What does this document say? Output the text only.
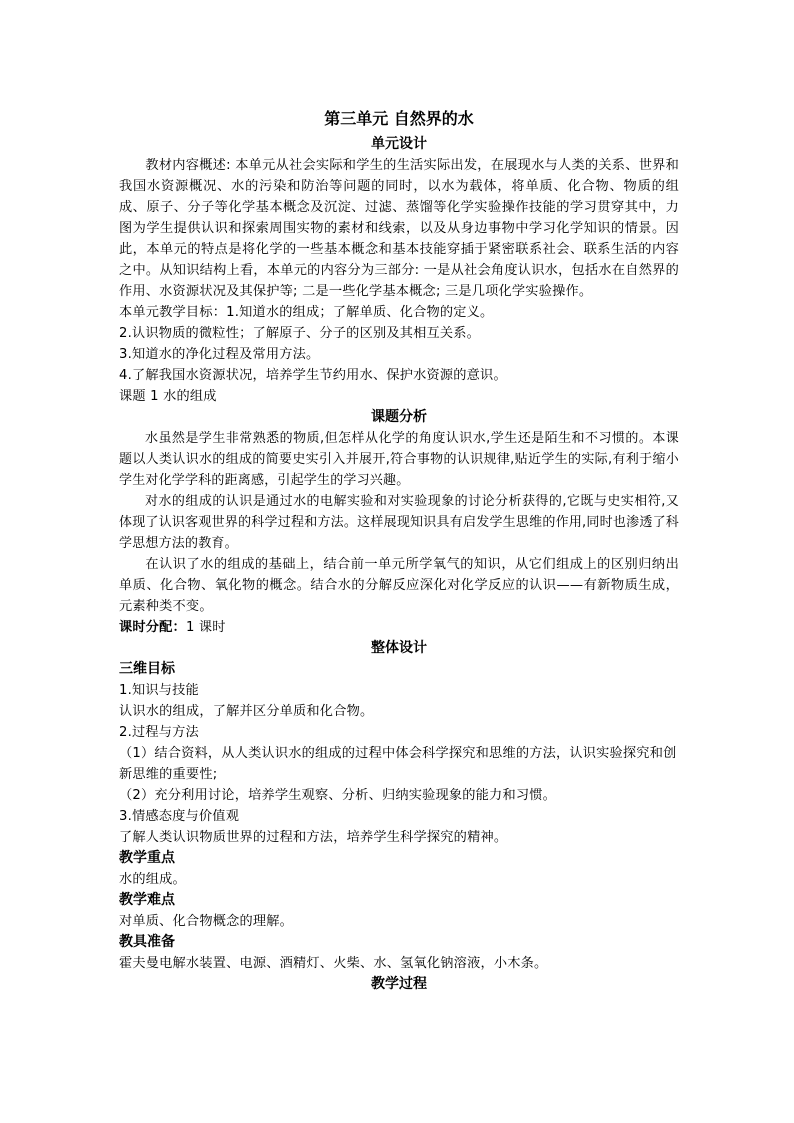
第三单元 自然界的水
单元设计

教材内容概述: 本单元从社会实际和学生的生活实际出发，在展现水与人类的关系、世界和我国水资源概况、水的污染和防治等问题的同时，以水为载体，将单质、化合物、物质的组成、原子、分子等化学基本概念及沉淀、过滤、蒸馏等化学实验操作技能的学习贯穿其中，力图为学生提供认识和探索周围实物的素材和线索，以及从身边事物中学习化学知识的情景。因此，本单元的特点是将化学的一些基本概念和基本技能穿插于紧密联系社会、联系生活的内容之中。从知识结构上看，本单元的内容分为三部分: 一是从社会角度认识水，包括水在自然界的作用、水资源状况及其保护等; 二是一些化学基本概念; 三是几项化学实验操作。

本单元教学目标：1.知道水的组成；了解单质、化合物的定义。

2.认识物质的微粒性；了解原子、分子的区别及其相互关系。

3.知道水的净化过程及常用方法。

4.了解我国水资源状况，培养学生节约用水、保护水资源的意识。

课题 1 水的组成

课题分析

水虽然是学生非常熟悉的物质,但怎样从化学的角度认识水,学生还是陌生和不习惯的。本课题以人类认识水的组成的简要史实引入并展开,符合事物的认识规律,贴近学生的实际,有利于缩小学生对化学学科的距离感，引起学生的学习兴趣。

对水的组成的认识是通过水的电解实验和对实验现象的讨论分析获得的,它既与史实相符,又体现了认识客观世界的科学过程和方法。这样展现知识具有启发学生思维的作用,同时也渗透了科学思想方法的教育。

在认识了水的组成的基础上，结合前一单元所学氧气的知识，从它们组成上的区别归纳出单质、化合物、氧化物的概念。结合水的分解反应深化对化学反应的认识——有新物质生成，元素种类不变。

课时分配：1 课时

整体设计
三维目标

1.知识与技能

认识水的组成，了解并区分单质和化合物。

2.过程与方法

（1）结合资料，从人类认识水的组成的过程中体会科学探究和思维的方法，认识实验探究和创新思维的重要性;

（2）充分利用讨论，培养学生观察、分析、归纳实验现象的能力和习惯。

3.情感态度与价值观

了解人类认识物质世界的过程和方法，培养学生科学探究的精神。

教学重点

水的组成。

教学难点

对单质、化合物概念的理解。

教具准备

霍夫曼电解水装置、电源、酒精灯、火柴、水、氢氧化钠溶液，小木条。

教学过程
